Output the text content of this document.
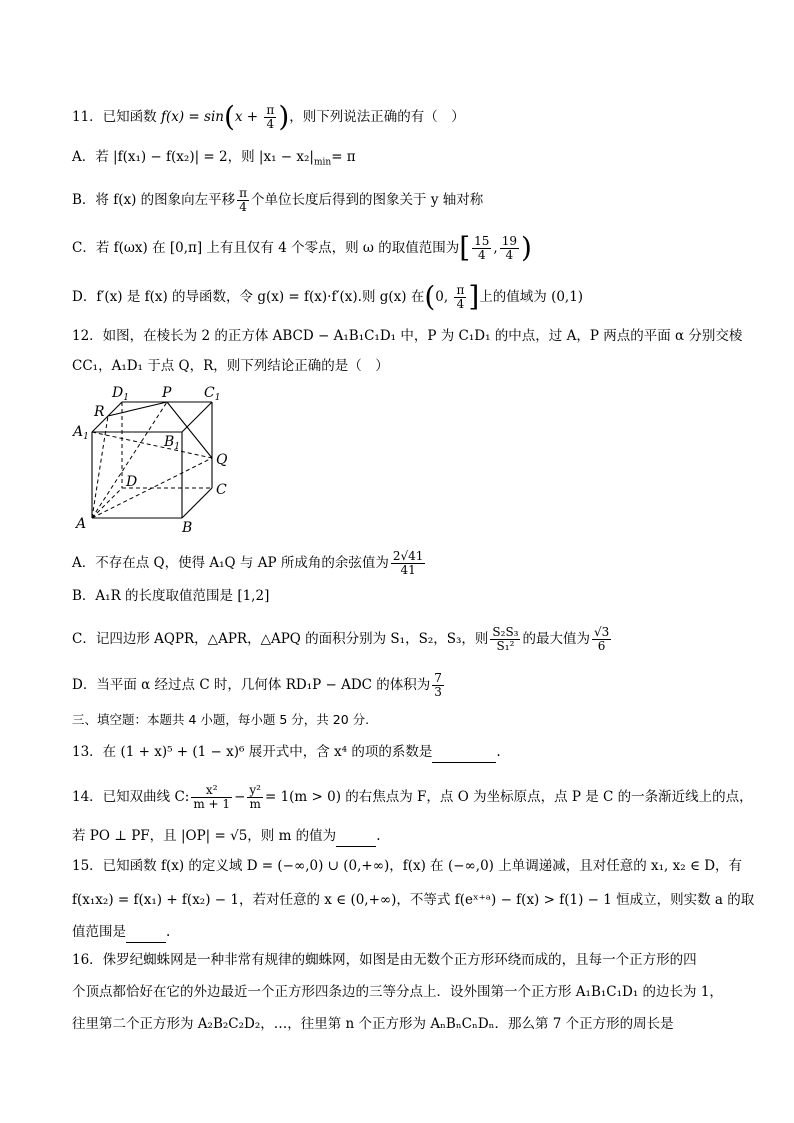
11．已知函数 $f(x) = \sin(x + \frac{\pi}{4}$ )，则下列说法正确的有（　）
A．若 |f(x₁) − f(x₂)| = 2，则 $|x_1 - x_2|_{min}= \pi$
B．将 f(x) 的图象向左平移 $\frac{\pi}{4}$ 个单位长度后得到的图象关于 y 轴对称
C．若 f(ωx) 在 [0,π] 上有且仅有 4 个零点，则 ω 的取值范围为[ $\frac{15}{4}$ , $\frac{19}{4}$ )
D．f′(x) 是 f(x) 的导函数，令 g(x) = f(x)·f′(x).则 g(x) 在(0, $\frac{\pi}{4}$ ]上的值域为 (0,1)
12．如图，在棱长为 2 的正方体 ABCD − A₁B₁C₁D₁ 中，P 为 C₁D₁ 的中点，过 A，P 两点的平面 α 分别交棱
CC₁，A₁D₁ 于点 Q，R，则下列结论正确的是（　）
$D_1$ P $C_1$
R
$A_1$	$B_1$
Q
D	C
A	B
A．不存在点 Q，使得 A₁Q 与 AP 所成角的余弦值为 $\frac{2√41}{41}$
B．A₁R 的长度取值范围是 [1,2]
C．记四边形 AQPR，△APR，△APQ 的面积分别为 S₁，S₂，S₃，则 $\frac{\text{S₂S₃}}{\text{S₁²}}$ 的最大值为 $\frac{√3}{6}$
D．当平面 α 经过点 C 时，几何体 RD₁P − ADC 的体积为 $\frac{7}{3}$
三、填空题：本题共 4 小题，每小题 5 分，共 20 分.
13．在 (1 + x)⁵ + (1 − x)⁶ 展开式中，含 x⁴ 的项的系数是	.
14．已知双曲线 C: $\frac{\text{x²}}{m + 1} - \frac{\text{y²}}{m} = 1(m > 0)$ 的右焦点为 F，点 O 为坐标原点，点 P 是 C 的一条渐近线上的点，
若 PO ⊥ PF，且 |OP| = √5，则 m 的值为	.
15．已知函数 f(x) 的定义域 D = (−∞,0) ∪ (0,+∞)，f(x) 在 (−∞,0) 上单调递减，且对任意的 x₁, x₂ ∈ D，有
f(x₁x₂) = f(x₁) + f(x₂) − 1，若对任意的 x ∈ (0,+∞)，不等式 f(eˣ⁺ᵃ) − f(x) > f(1) − 1 恒成立，则实数 a 的取
值范围是	.
16．侏罗纪蜘蛛网是一种非常有规律的蜘蛛网，如图是由无数个正方形环绕而成的，且每一个正方形的四
个顶点都恰好在它的外边最近一个正方形四条边的三等分点上．设外围第一个正方形 A₁B₁C₁D₁ 的边长为 1，
往里第二个正方形为 A₂B₂C₂D₂，…，往里第 n 个正方形为 AₙBₙCₙDₙ．那么第 7 个正方形的周长是
